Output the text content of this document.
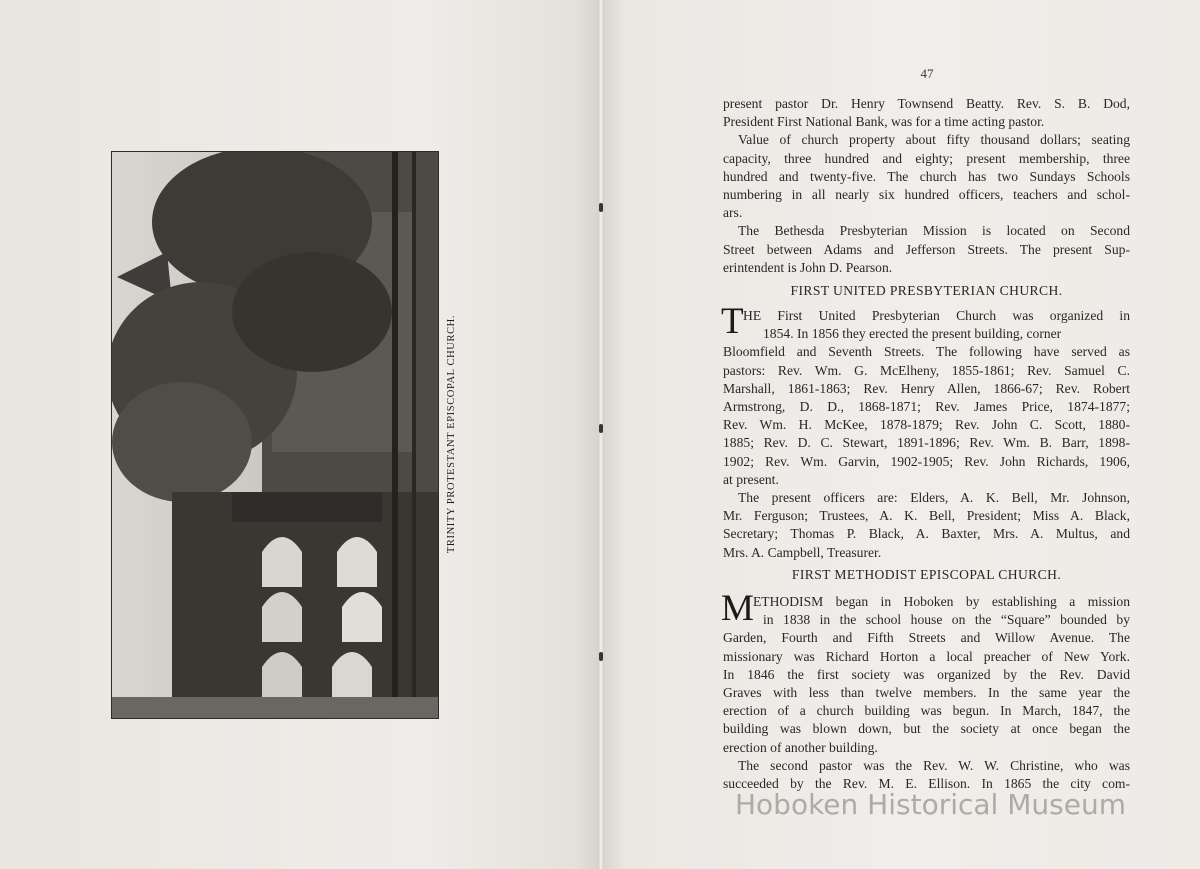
TRINITY PROTESTANT EPISCOPAL CHURCH.
47
present pastor Dr. Henry Townsend Beatty. Rev. S. B. Dod,
President First National Bank, was for a time acting pastor.
Value of church property about fifty thousand dollars; seating
capacity, three hundred and eighty; present membership, three
hundred and twenty-five. The church has two Sundays Schools
numbering in all nearly six hundred officers, teachers and schol-
ars.
The Bethesda Presbyterian Mission is located on Second
Street between Adams and Jefferson Streets. The present Sup-
erintendent is John D. Pearson.
FIRST UNITED PRESBYTERIAN CHURCH.
T HE First United Presbyterian Church was organized in
1854. In 1856 they erected the present building, corner
Bloomfield and Seventh Streets. The following have served as
pastors: Rev. Wm. G. McElheny, 1855-1861; Rev. Samuel C.
Marshall, 1861-1863; Rev. Henry Allen, 1866-67; Rev. Robert
Armstrong, D. D., 1868-1871; Rev. James Price, 1874-1877;
Rev. Wm. H. McKee, 1878-1879; Rev. John C. Scott, 1880-
1885; Rev. D. C. Stewart, 1891-1896; Rev. Wm. B. Barr, 1898-
1902; Rev. Wm. Garvin, 1902-1905; Rev. John Richards, 1906,
at present.
The present officers are: Elders, A. K. Bell, Mr. Johnson,
Mr. Ferguson; Trustees, A. K. Bell, President; Miss A. Black,
Secretary; Thomas P. Black, A. Baxter, Mrs. A. Multus, and
Mrs. A. Campbell, Treasurer.
FIRST METHODIST EPISCOPAL CHURCH.
M ETHODISM began in Hoboken by establishing a mission
in 1838 in the school house on the “Square” bounded by
Garden, Fourth and Fifth Streets and Willow Avenue. The
missionary was Richard Horton a local preacher of New York.
In 1846 the first society was organized by the Rev. David
Graves with less than twelve members. In the same year the
erection of a church building was begun. In March, 1847, the
building was blown down, but the society at once began the
erection of another building.
The second pastor was the Rev. W. W. Christine, who was
succeeded by the Rev. M. E. Ellison. In 1865 the city com-
Hoboken Historical Museum
